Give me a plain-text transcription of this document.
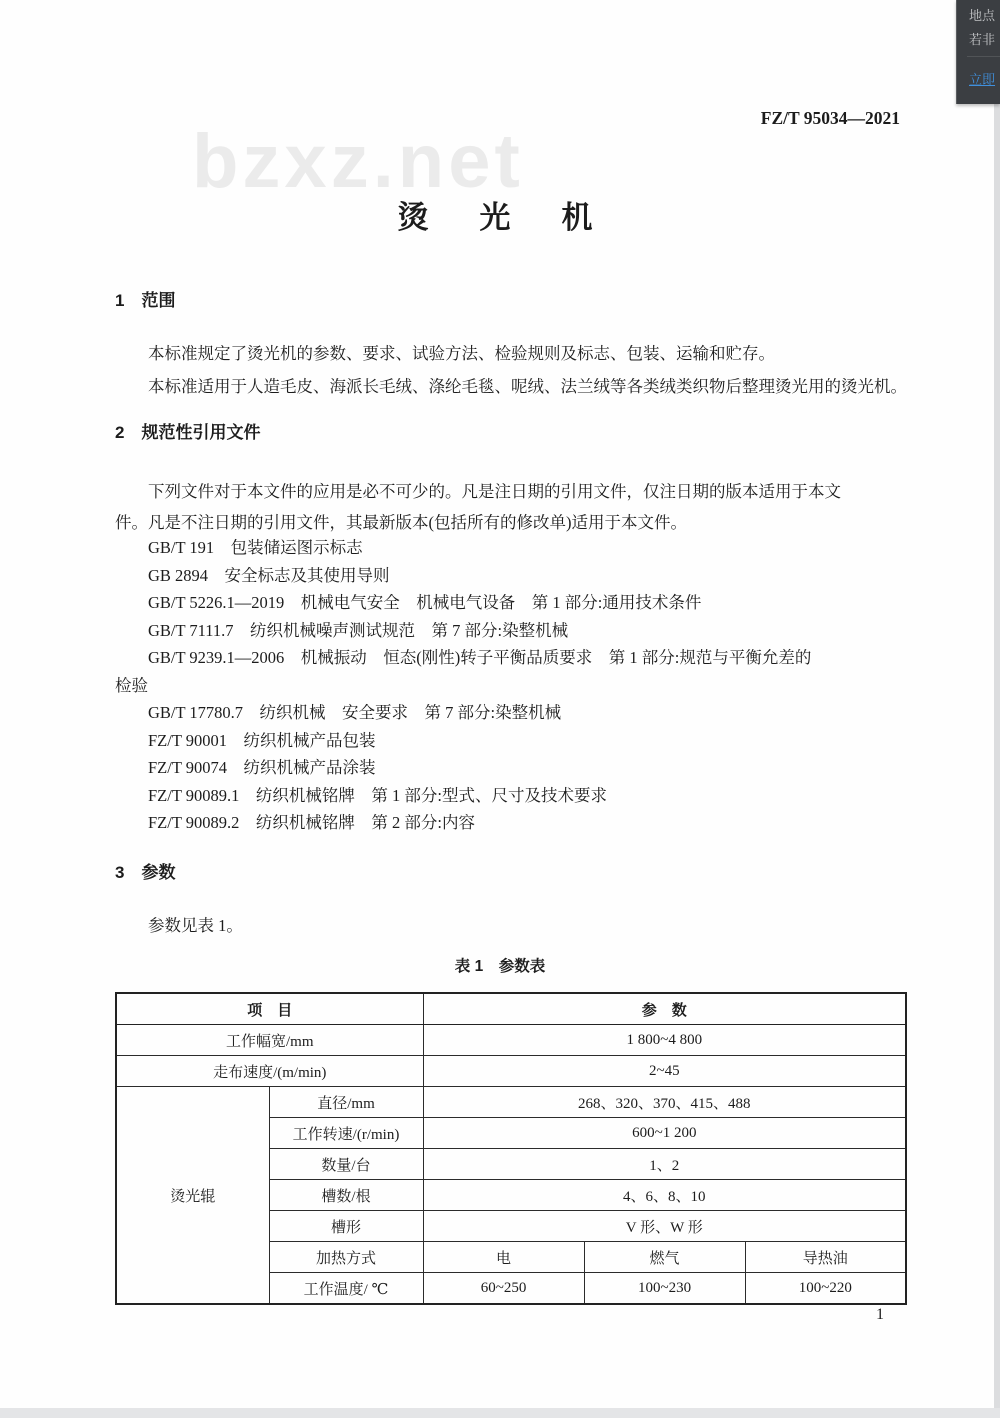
bzxz.net
地点
若非
立即
FZ/T 95034—2021
烫　光　机
1　范围
本标准规定了烫光机的参数、要求、试验方法、检验规则及标志、包装、运输和贮存。
本标准适用于人造毛皮、海派长毛绒、涤纶毛毯、呢绒、法兰绒等各类绒类织物后整理烫光用的烫光机。
2　规范性引用文件
下列文件对于本文件的应用是必不可少的。凡是注日期的引用文件，仅注日期的版本适用于本文
件。凡是不注日期的引用文件，其最新版本(包括所有的修改单)适用于本文件。
GB/T 191　包装储运图示标志
GB 2894　安全标志及其使用导则
GB/T 5226.1—2019　机械电气安全　机械电气设备　第 1 部分:通用技术条件
GB/T 7111.7　纺织机械噪声测试规范　第 7 部分:染整机械
GB/T 9239.1—2006　机械振动　恒态(刚性)转子平衡品质要求　第 1 部分:规范与平衡允差的
检验
GB/T 17780.7　纺织机械　安全要求　第 7 部分:染整机械
FZ/T 90001　纺织机械产品包装
FZ/T 90074　纺织机械产品涂装
FZ/T 90089.1　纺织机械铭牌　第 1 部分:型式、尺寸及技术要求
FZ/T 90089.2　纺织机械铭牌　第 2 部分:内容
3　参数
参数见表 1。
表 1　参数表
项　目		参　数		
工作幅宽/mm		1 800~4 800		
走布速度/(m/min)		2~45		
烫光辊	直径/mm	268、320、370、415、488		
	工作转速/(r/min)	600~1 200		
	数量/台	1、2		
	槽数/根	4、6、8、10		
	槽形	V 形、W 形		
	加热方式	电	燃气	导热油
	工作温度/ ℃	60~250	100~230	100~220
1
